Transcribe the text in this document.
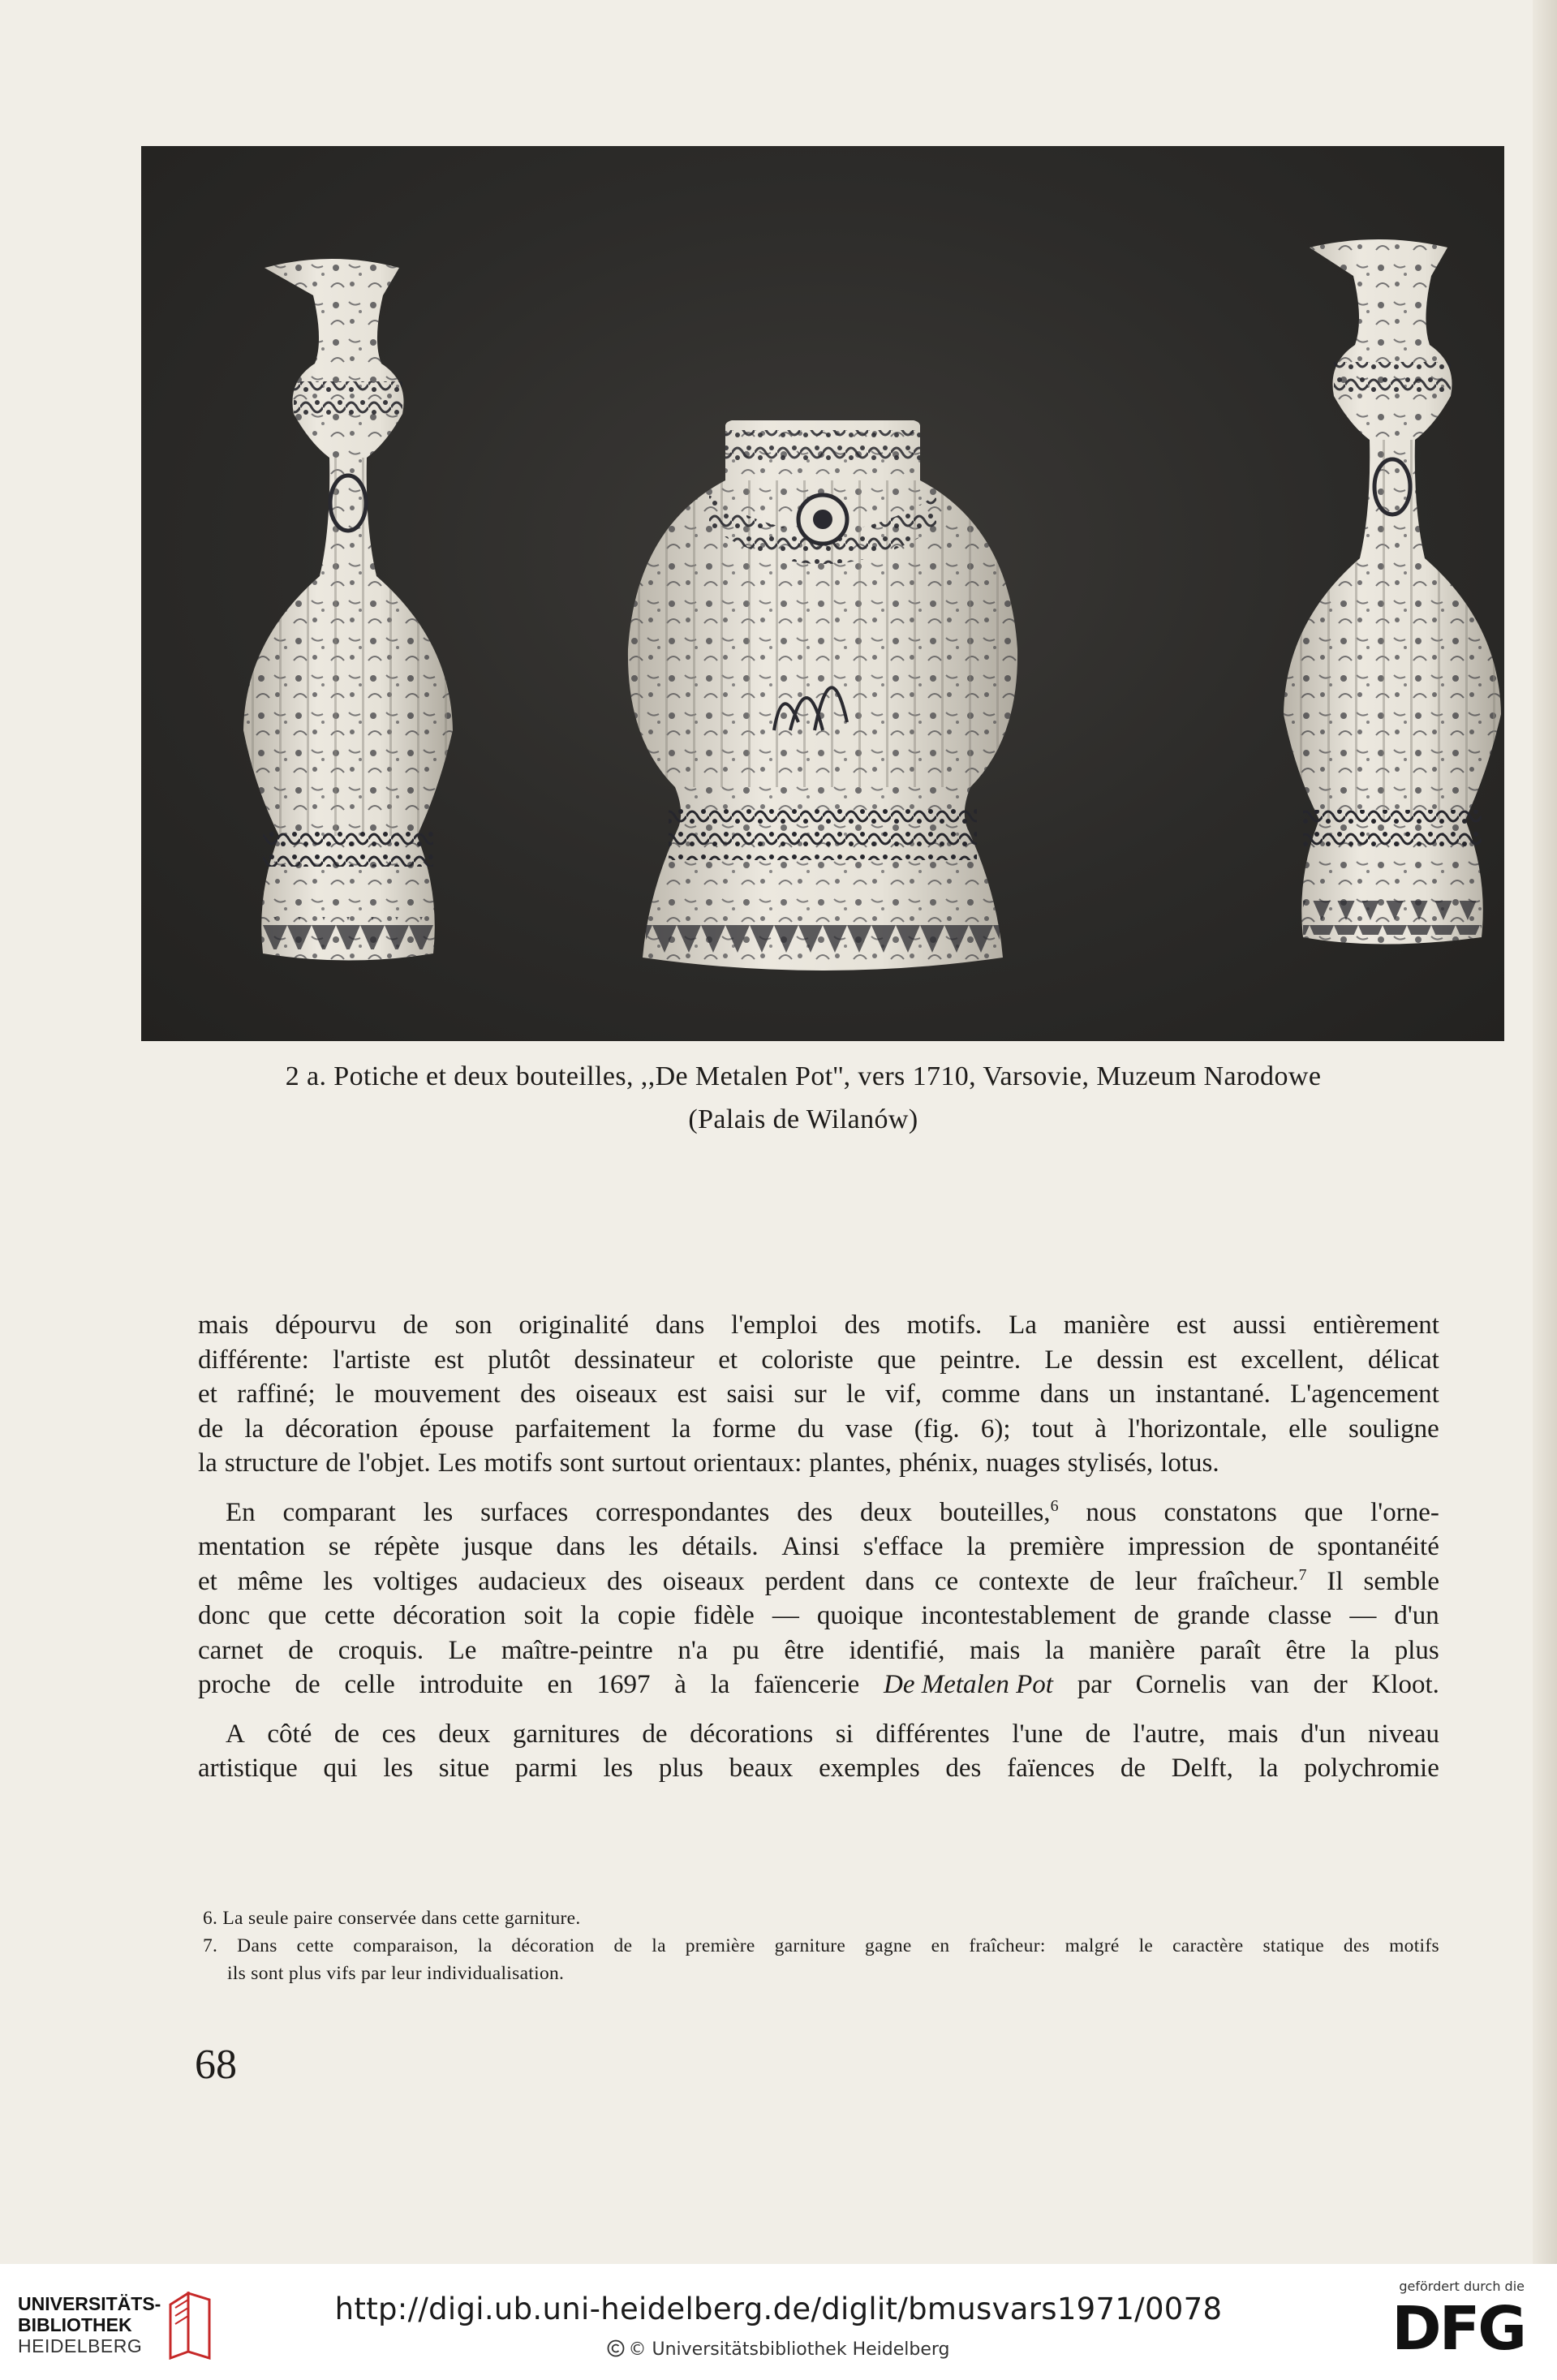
2 a. Potiche et deux bouteilles, ,,De Metalen Pot'', vers 1710, Varsovie, Muzeum Narodowe
(Palais de Wilanów)
mais dépourvu de son originalité dans l'emploi des motifs. La manière est aussi entièrement
différente: l'artiste est plutôt dessinateur et coloriste que peintre. Le dessin est excellent, délicat
et raffiné; le mouvement des oiseaux est saisi sur le vif, comme dans un instantané. L'agencement
de la décoration épouse parfaitement la forme du vase (fig. 6); tout à l'horizontale, elle souligne
la structure de l'objet. Les motifs sont surtout orientaux: plantes, phénix, nuages stylisés, lotus.
En comparant les surfaces correspondantes des deux bouteilles,$^6$ nous constatons que l'orne-
mentation se répète jusque dans les détails. Ainsi s'efface la première impression de spontanéité
et même les voltiges audacieux des oiseaux perdent dans ce contexte de leur fraîcheur.$^7$ Il semble
donc que cette décoration soit la copie fidèle — quoique incontestablement de grande classe — d'un
carnet de croquis. Le maître-peintre n'a pu être identifié, mais la manière paraît être la plus
proche de celle introduite en 1697 à la faïencerie De Metalen Pot par Cornelis van der Kloot.
A côté de ces deux garnitures de décorations si différentes l'une de l'autre, mais d'un niveau
artistique qui les situe parmi les plus beaux exemples des faïences de Delft, la polychromie
6. La seule paire conservée dans cette garniture.
7. Dans cette comparaison, la décoration de la première garniture gagne en fraîcheur: malgré le caractère statique des motifs
ils sont plus vifs par leur individualisation.
68
UNIVERSITÄTS-
BIBLIOTHEK
HEIDELBERG
http://digi.ub.uni-heidelberg.de/diglit/bmusvars1971/0078
© Universitätsbibliothek Heidelberg
gefördert durch die
DFG
